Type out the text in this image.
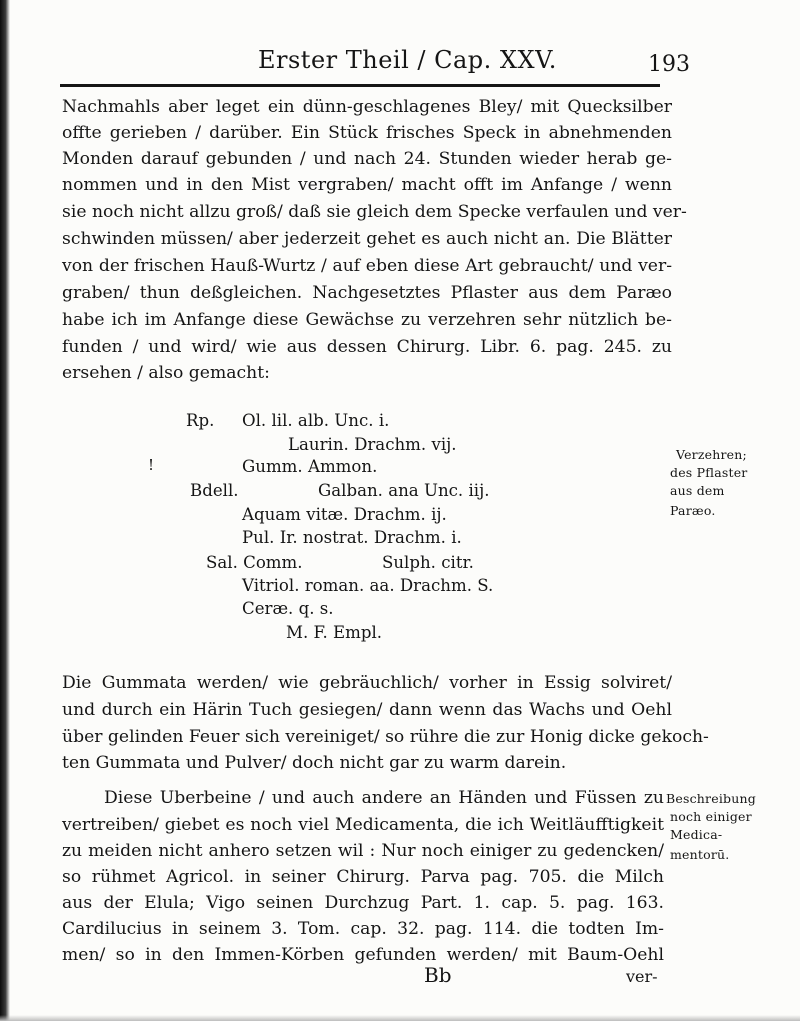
Erster Theil / Cap. XXV.	193
Nachmahls aber leget ein dünn-geschlagenes Bley/ mit Quecksilber
offte gerieben / darüber. Ein Stück frisches Speck in abnehmenden
Monden darauf gebunden / und nach 24. Stunden wieder herab ge-
nommen und in den Mist vergraben/ macht offt im Anfange / wenn
sie noch nicht allzu groß/ daß sie gleich dem Specke verfaulen und ver-
schwinden müssen/ aber jederzeit gehet es auch nicht an. Die Blätter
von der frischen Hauß-Wurtz / auf eben diese Art gebraucht/ und ver-
graben/ thun deßgleichen. Nachgesetztes Pflaster aus dem Paræo
habe ich im Anfange diese Gewächse zu verzehren sehr nützlich be-
funden / und wird/ wie aus dessen Chirurg. Libr. 6. pag. 245. zu
ersehen / also gemacht:
Rp. Ol. lil. alb. Unc. i.
Laurin. Drachm. vij.
!	Gumm. Ammon.
Bdell.	Galban. ana Unc. iij.
Aquam vitæ. Drachm. ij.
Pul. Ir. nostrat. Drachm. i.
Sal. Comm.	Sulph. citr.
Vitriol. roman. aa. Drachm. S.
Ceræ. q. s.
M. F. Empl.
Die Gummata werden/ wie gebräuchlich/ vorher in Essig solviret/
und durch ein Härin Tuch gesiegen/ dann wenn das Wachs und Oehl
über gelinden Feuer sich vereiniget/ so rühre die zur Honig dicke gekoch-
ten Gummata und Pulver/ doch nicht gar zu warm darein.
Diese Uberbeine / und auch andere an Händen und Füssen zu
vertreiben/ giebet es noch viel Medicamenta, die ich Weitläufftigkeit
zu meiden nicht anhero setzen wil : Nur noch einiger zu gedencken/
so rühmet Agricol. in seiner Chirurg. Parva pag. 705. die Milch
aus der Elula; Vigo seinen Durchzug Part. 1. cap. 5. pag. 163.
Cardilucius in seinem 3. Tom. cap. 32. pag. 114. die todten Im-
men/ so in den Immen-Körben gefunden werden/ mit Baum-Oehl
Verzehren;
des Pflaster
aus dem
Paræo.
Beschreibung
noch einiger
Medica-
mentorū.
Bb	ver-
